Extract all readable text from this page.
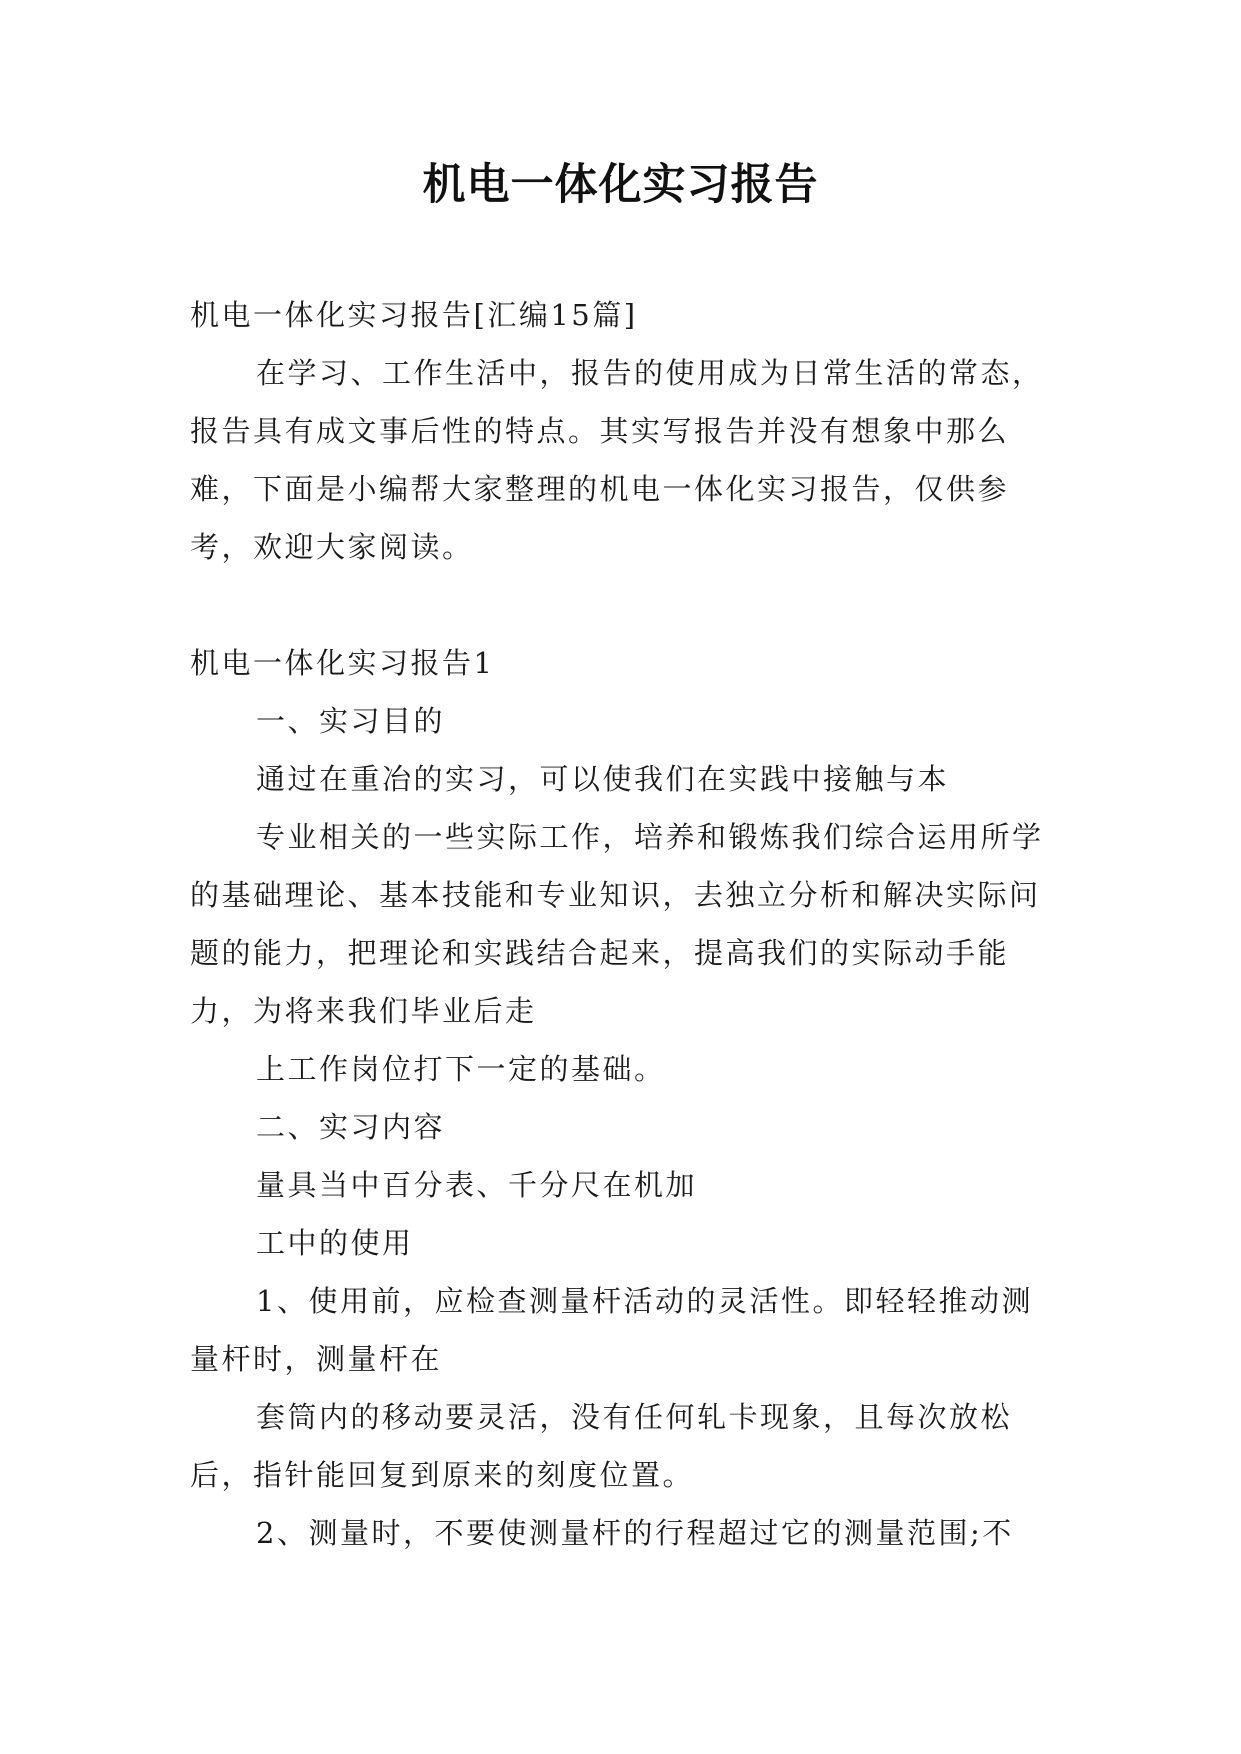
机电一体化实习报告

机电一体化实习报告[汇编15篇]

在学习、工作生活中，报告的使用成为日常生活的常态，报告具有成文事后性的特点。其实写报告并没有想象中那么难，下面是小编帮大家整理的机电一体化实习报告，仅供参考，欢迎大家阅读。

机电一体化实习报告1

一、实习目的

通过在重冶的实习，可以使我们在实践中接触与本

专业相关的一些实际工作，培养和锻炼我们综合运用所学的基础理论、基本技能和专业知识，去独立分析和解决实际问题的能力，把理论和实践结合起来，提高我们的实际动手能力，为将来我们毕业后走

上工作岗位打下一定的基础。

二、实习内容

量具当中百分表、千分尺在机加

工中的使用

1、使用前，应检查测量杆活动的灵活性。即轻轻推动测量杆时，测量杆在

套筒内的移动要灵活，没有任何轧卡现象，且每次放松后，指针能回复到原来的刻度位置。

2、测量时，不要使测量杆的行程超过它的测量范围;不
